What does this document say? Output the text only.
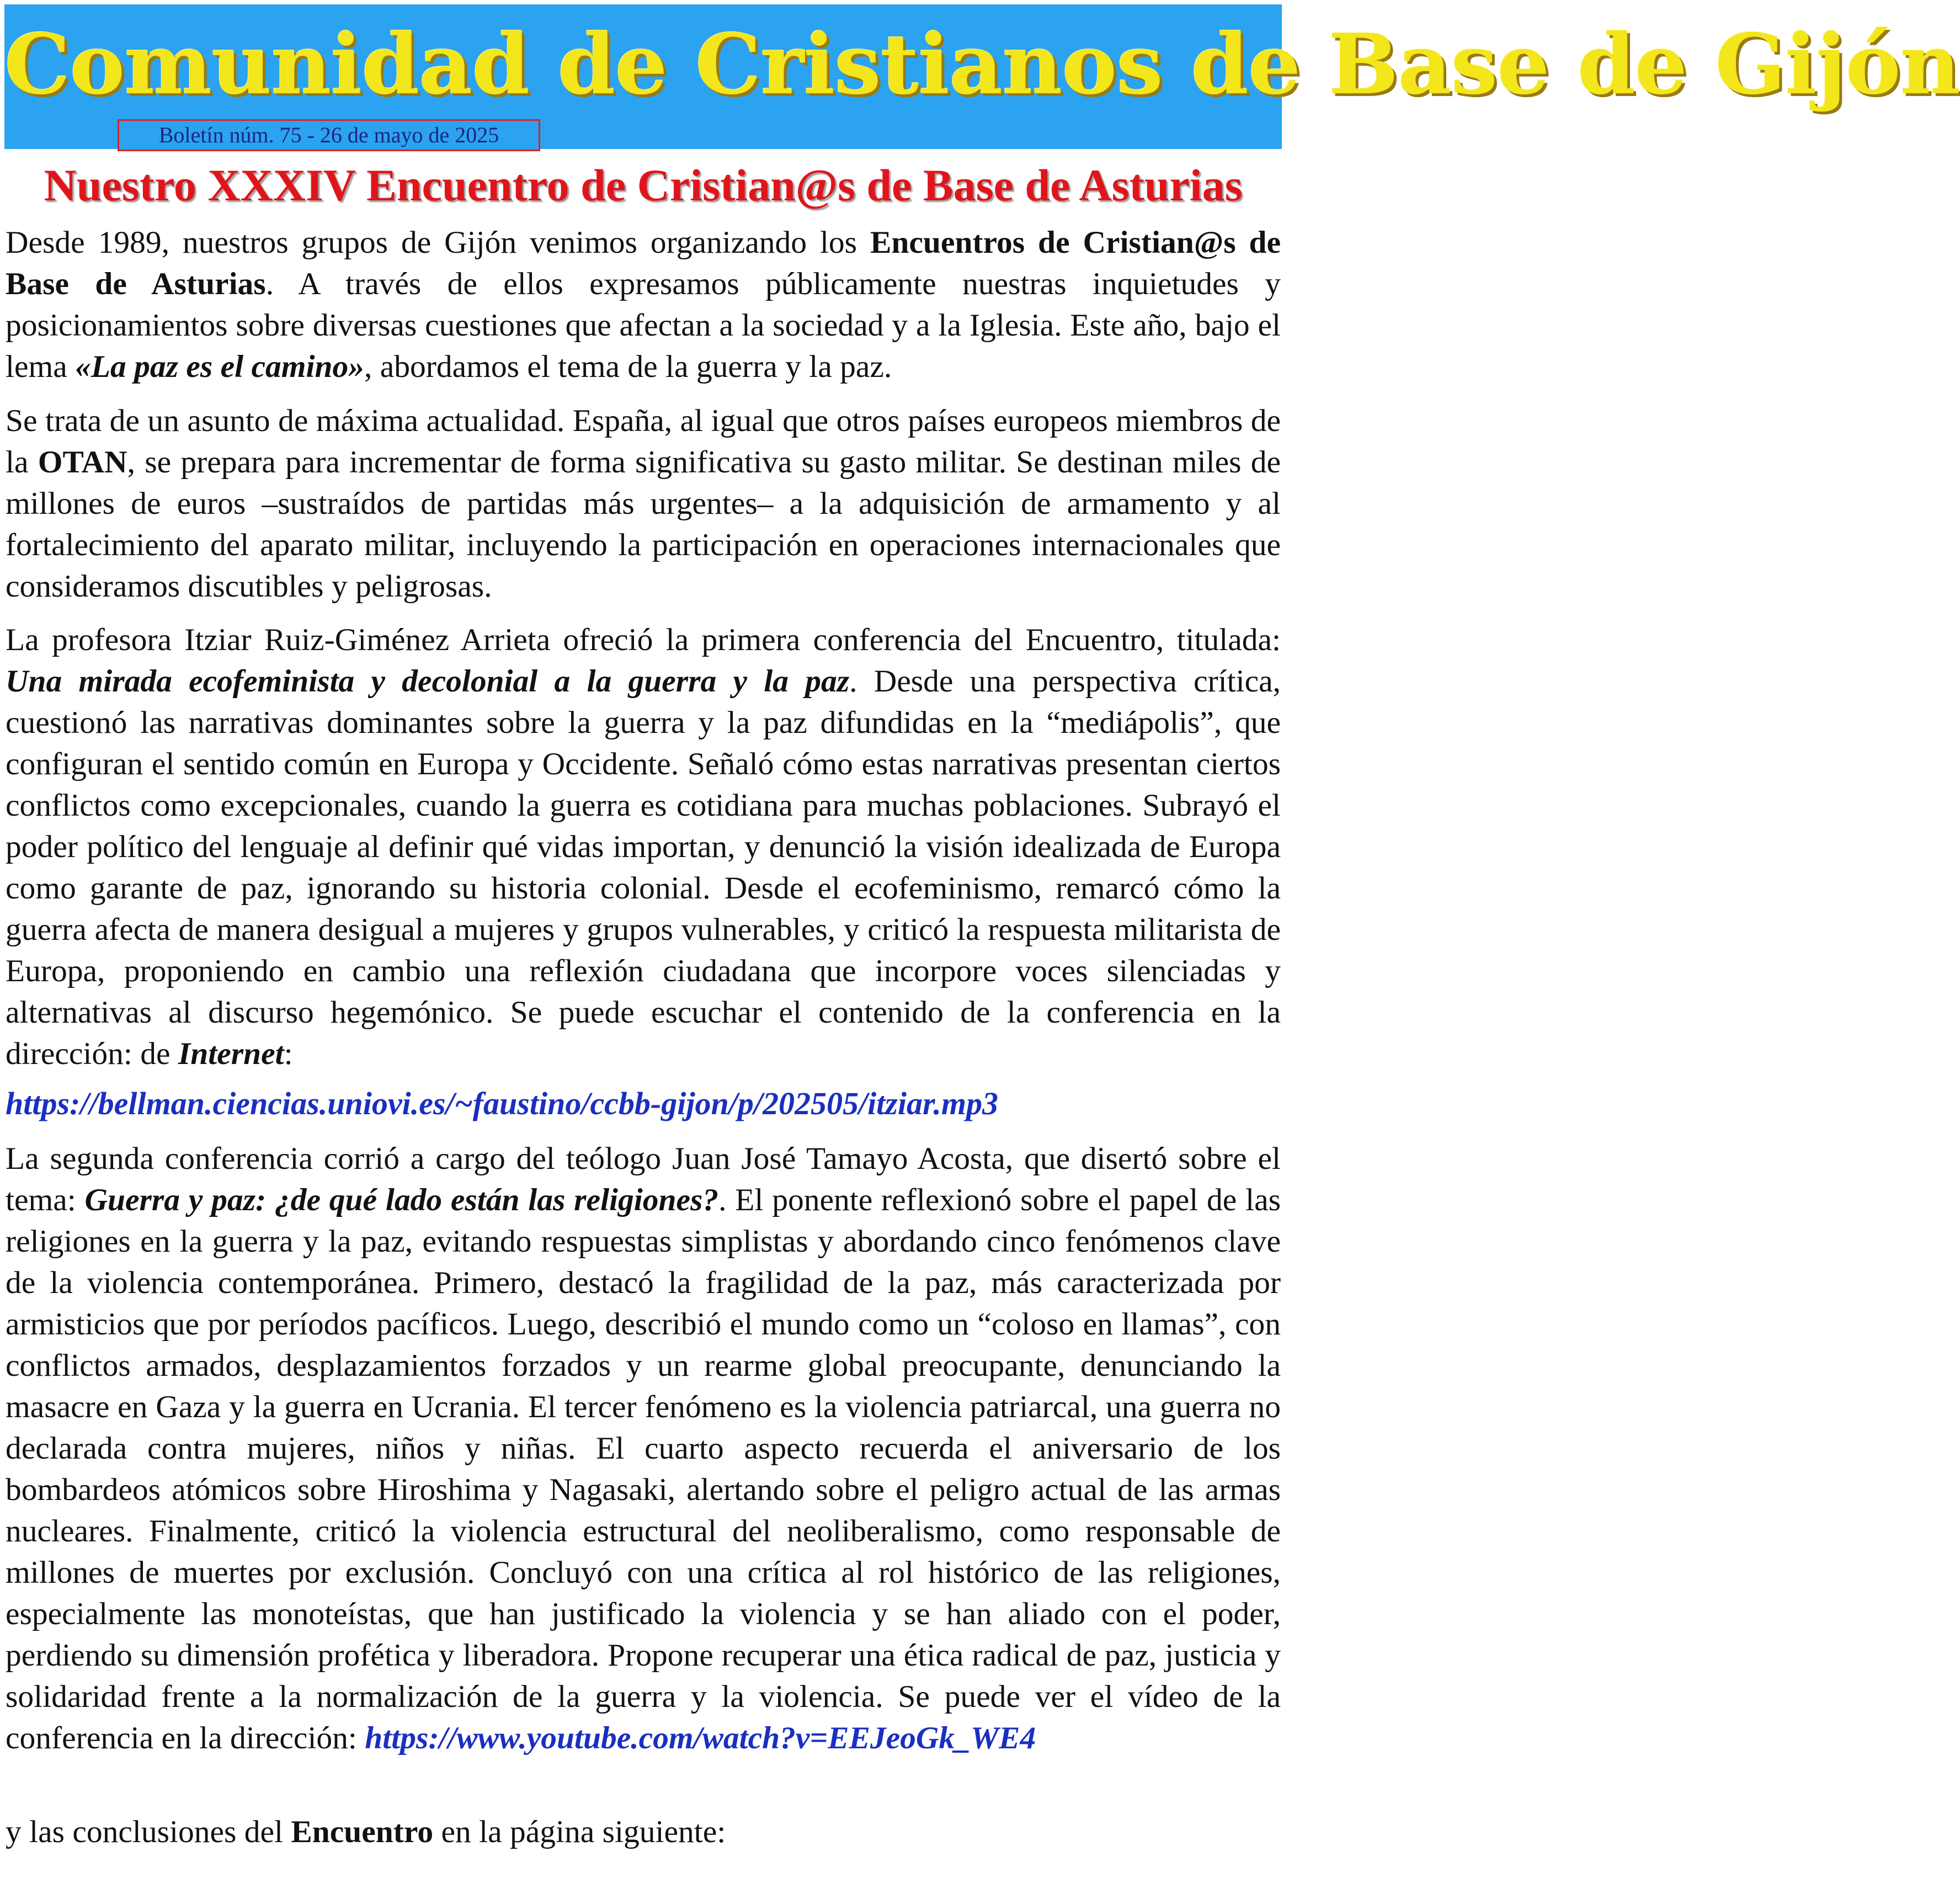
Comunidad de Cristianos de Base de Gijón
Boletín núm. 75 - 26 de mayo de 2025
Nuestro XXXIV Encuentro de Cristian@s de Base de Asturias

Desde 1989, nuestros grupos de Gijón venimos organizando los Encuentros de Cristian@s de Base de Asturias. A través de ellos expresamos públicamente nuestras inquietudes y posicionamientos sobre diversas cuestiones que afectan a la sociedad y a la Iglesia. Este año, bajo el lema «La paz es el camino», abordamos el tema de la guerra y la paz.

Se trata de un asunto de máxima actualidad. España, al igual que otros países europeos miembros de la OTAN, se prepara para incrementar de forma significativa su gasto militar. Se destinan miles de millones de euros ‒sustraídos de partidas más urgentes‒ a la adquisición de armamento y al fortalecimiento del aparato militar, incluyendo la participación en operaciones internacionales que consideramos discutibles y peligrosas.

La profesora Itziar Ruiz-Giménez Arrieta ofreció la primera conferencia del Encuentro, titulada: Una mirada ecofeminista y decolonial a la guerra y la paz. Desde una perspectiva crítica, cuestionó las narrativas dominantes sobre la guerra y la paz difundidas en la “mediápolis”, que configuran el sentido común en Europa y Occidente. Señaló cómo estas narrativas presentan ciertos conflictos como excepcionales, cuando la guerra es cotidiana para muchas poblaciones. Subrayó el poder político del lenguaje al definir qué vidas importan, y denunció la visión idealizada de Europa como garante de paz, ignorando su historia colonial. Desde el ecofeminismo, remarcó cómo la guerra afecta de manera desigual a mujeres y grupos vulnerables, y criticó la respuesta militarista de Europa, proponiendo en cambio una reflexión ciudadana que incorpore voces silenciadas y alternativas al discurso hegemónico. Se puede escuchar el contenido de la conferencia en la dirección: de Internet:

https://bellman.ciencias.uniovi.es/~faustino/ccbb-gijon/p/202505/itziar.mp3

La segunda conferencia corrió a cargo del teólogo Juan José Tamayo Acosta, que disertó sobre el tema: Guerra y paz: ¿de qué lado están las religiones?. El ponente reflexionó sobre el papel de las religiones en la guerra y la paz, evitando respuestas simplistas y abordando cinco fenómenos clave de la violencia contemporánea. Primero, destacó la fragilidad de la paz, más caracterizada por armisticios que por períodos pacíficos. Luego, describió el mundo como un “coloso en llamas”, con conflictos armados, desplazamientos forzados y un rearme global preocupante, denunciando la masacre en Gaza y la guerra en Ucrania. El tercer fenómeno es la violencia patriarcal, una guerra no declarada contra mujeres, niños y niñas. El cuarto aspecto recuerda el aniversario de los bombardeos atómicos sobre Hiroshima y Nagasaki, alertando sobre el peligro actual de las armas nucleares. Finalmente, criticó la violencia estructural del neoliberalismo, como responsable de millones de muertes por exclusión. Concluyó con una crítica al rol histórico de las religiones, especialmente las monoteístas, que han justificado la violencia y se han aliado con el poder, perdiendo su dimensión profética y liberadora. Propone recuperar una ética radical de paz, justicia y solidaridad frente a la normalización de la guerra y la violencia. Se puede ver el vídeo de la conferencia en la dirección: https://www.youtube.com/watch?v=EEJeoGk_WE4

y las conclusiones del Encuentro en la página siguiente:
